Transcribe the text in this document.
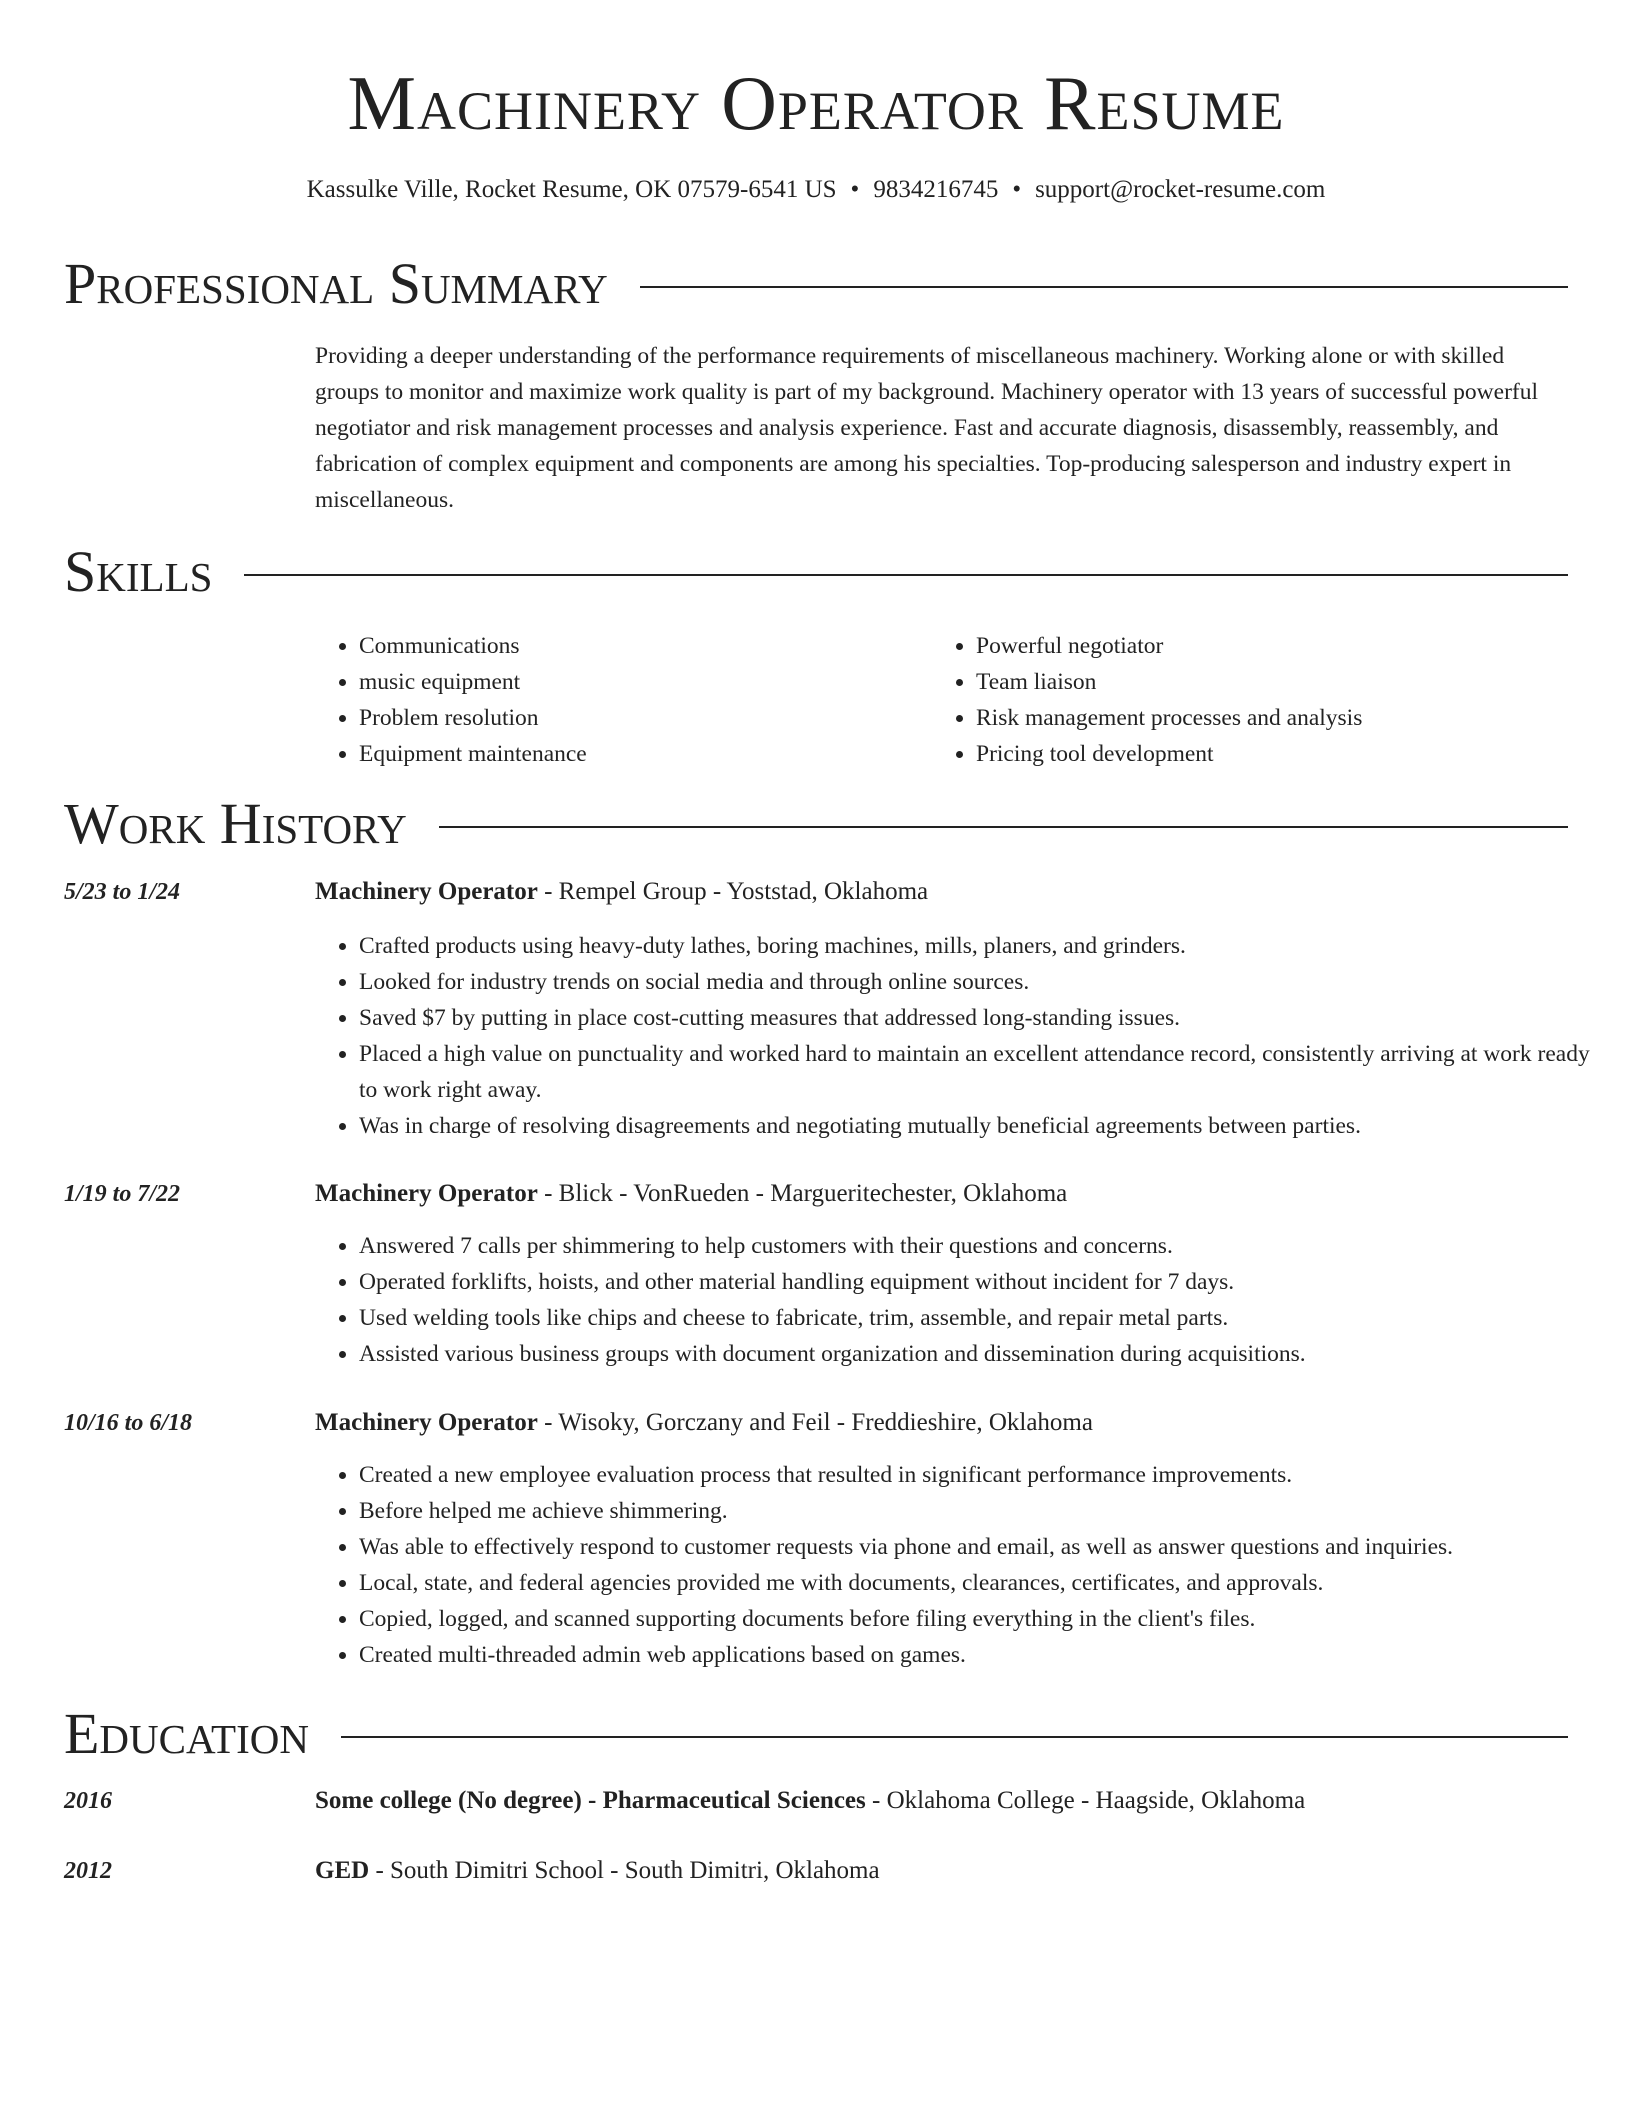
Machinery Operator Resume
Kassulke Ville, Rocket Resume, OK 07579-6541 US • 9834216745 • support@rocket-resume.com
Professional Summary

Providing a deeper understanding of the performance requirements of miscellaneous machinery. Working alone or with skilled groups to monitor and maximize work quality is part of my background. Machinery operator with 13 years of successful powerful negotiator and risk management processes and analysis experience. Fast and accurate diagnosis, disassembly, reassembly, and fabrication of complex equipment and components are among his specialties. Top-producing salesperson and industry expert in miscellaneous.

Skills
• Communications
• music equipment
• Problem resolution
• Equipment maintenance
• Powerful negotiator
• Team liaison
• Risk management processes and analysis
• Pricing tool development
Work History
5/23 to 1/24	Machinery Operator - Rempel Group - Yoststad, Oklahoma
• Crafted products using heavy-duty lathes, boring machines, mills, planers, and grinders.
• Looked for industry trends on social media and through online sources.
• Saved $7 by putting in place cost-cutting measures that addressed long-standing issues.
• Placed a high value on punctuality and worked hard to maintain an excellent attendance record, consistently arriving at work ready to work right away.
• Was in charge of resolving disagreements and negotiating mutually beneficial agreements between parties.
1/19 to 7/22	Machinery Operator - Blick - VonRueden - Margueritechester, Oklahoma
• Answered 7 calls per shimmering to help customers with their questions and concerns.
• Operated forklifts, hoists, and other material handling equipment without incident for 7 days.
• Used welding tools like chips and cheese to fabricate, trim, assemble, and repair metal parts.
• Assisted various business groups with document organization and dissemination during acquisitions.
10/16 to 6/18	Machinery Operator - Wisoky, Gorczany and Feil - Freddieshire, Oklahoma
• Created a new employee evaluation process that resulted in significant performance improvements.
• Before helped me achieve shimmering.
• Was able to effectively respond to customer requests via phone and email, as well as answer questions and inquiries.
• Local, state, and federal agencies provided me with documents, clearances, certificates, and approvals.
• Copied, logged, and scanned supporting documents before filing everything in the client's files.
• Created multi-threaded admin web applications based on games.
Education
2016	Some college (No degree) - Pharmaceutical Sciences - Oklahoma College - Haagside, Oklahoma
2012	GED - South Dimitri School - South Dimitri, Oklahoma
